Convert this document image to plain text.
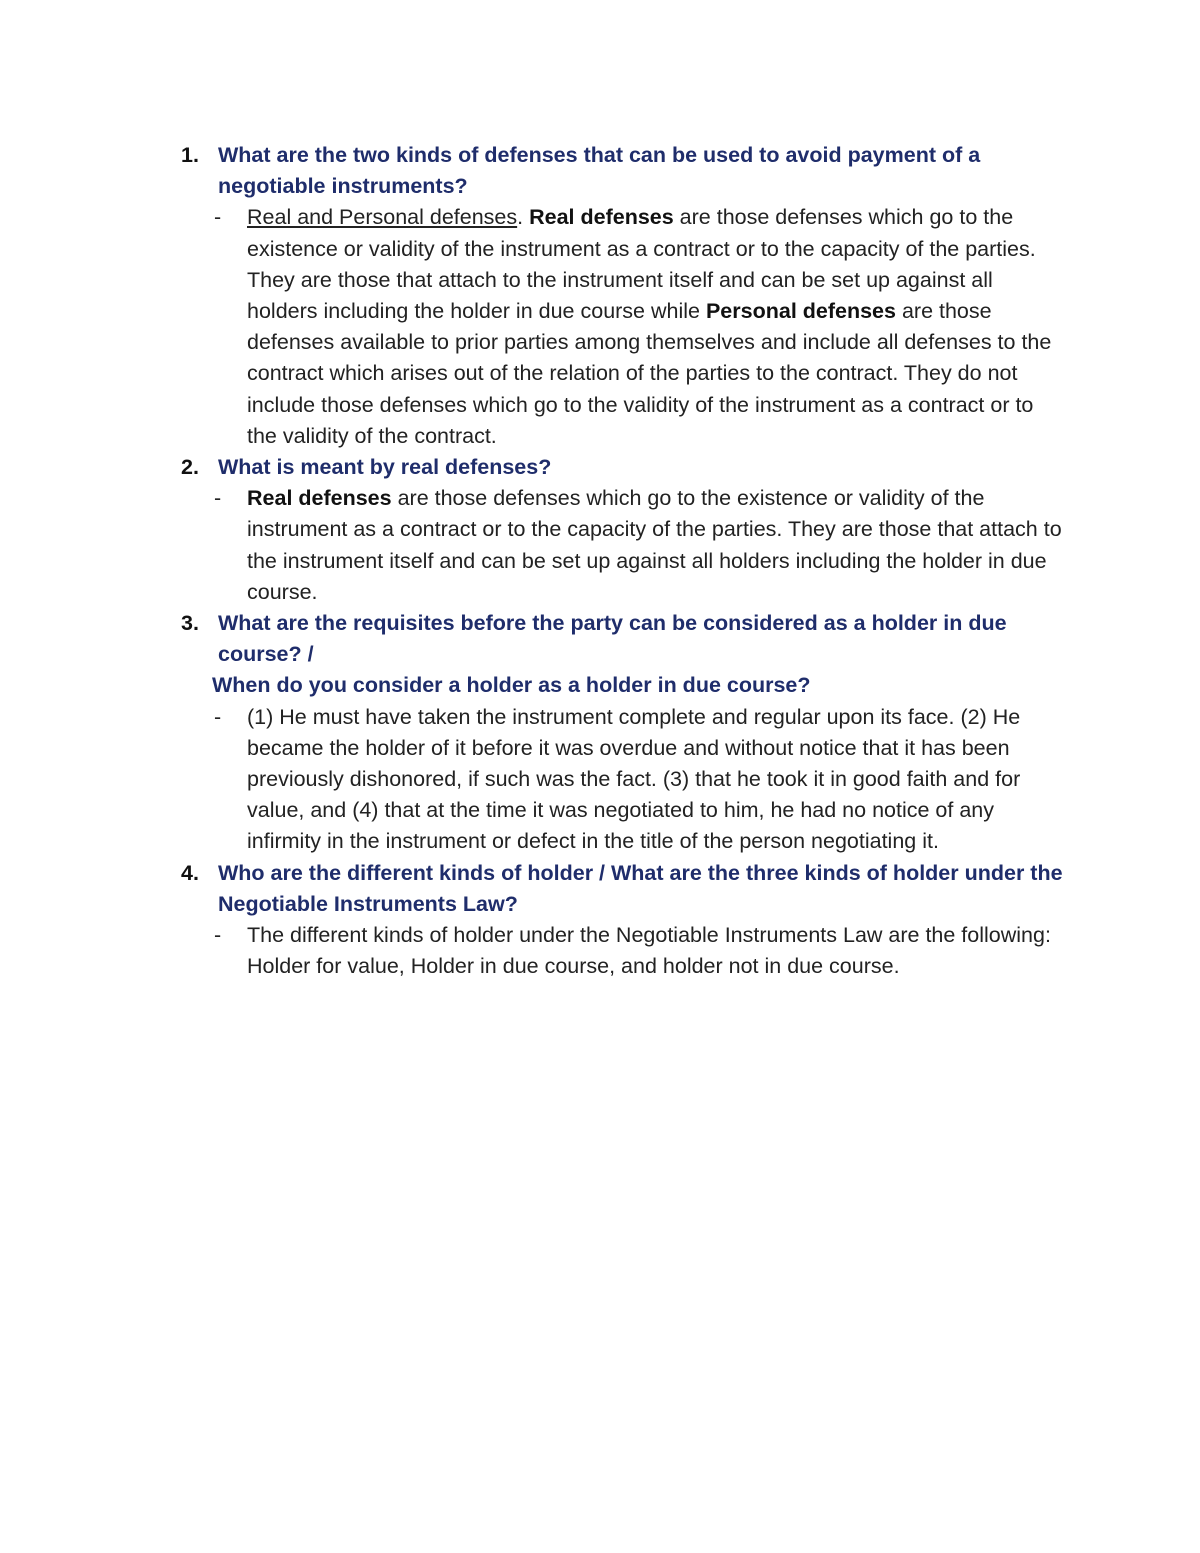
1. What are the two kinds of defenses that can be used to avoid payment of a negotiable instruments?
- Real and Personal defenses. Real defenses are those defenses which go to the existence or validity of the instrument as a contract or to the capacity of the parties. They are those that attach to the instrument itself and can be set up against all holders including the holder in due course while Personal defenses are those defenses available to prior parties among themselves and include all defenses to the contract which arises out of the relation of the parties to the contract. They do not include those defenses which go to the validity of the instrument as a contract or to the validity of the contract.
2. What is meant by real defenses?
- Real defenses are those defenses which go to the existence or validity of the instrument as a contract or to the capacity of the parties. They are those that attach to the instrument itself and can be set up against all holders including the holder in due course.
3. What are the requisites before the party can be considered as a holder in due course? /
When do you consider a holder as a holder in due course?
- (1) He must have taken the instrument complete and regular upon its face. (2) He became the holder of it before it was overdue and without notice that it has been previously dishonored, if such was the fact. (3) that he took it in good faith and for value, and (4) that at the time it was negotiated to him, he had no notice of any infirmity in the instrument or defect in the title of the person negotiating it.
4. Who are the different kinds of holder / What are the three kinds of holder under the Negotiable Instruments Law?
- The different kinds of holder under the Negotiable Instruments Law are the following: Holder for value, Holder in due course, and holder not in due course.
